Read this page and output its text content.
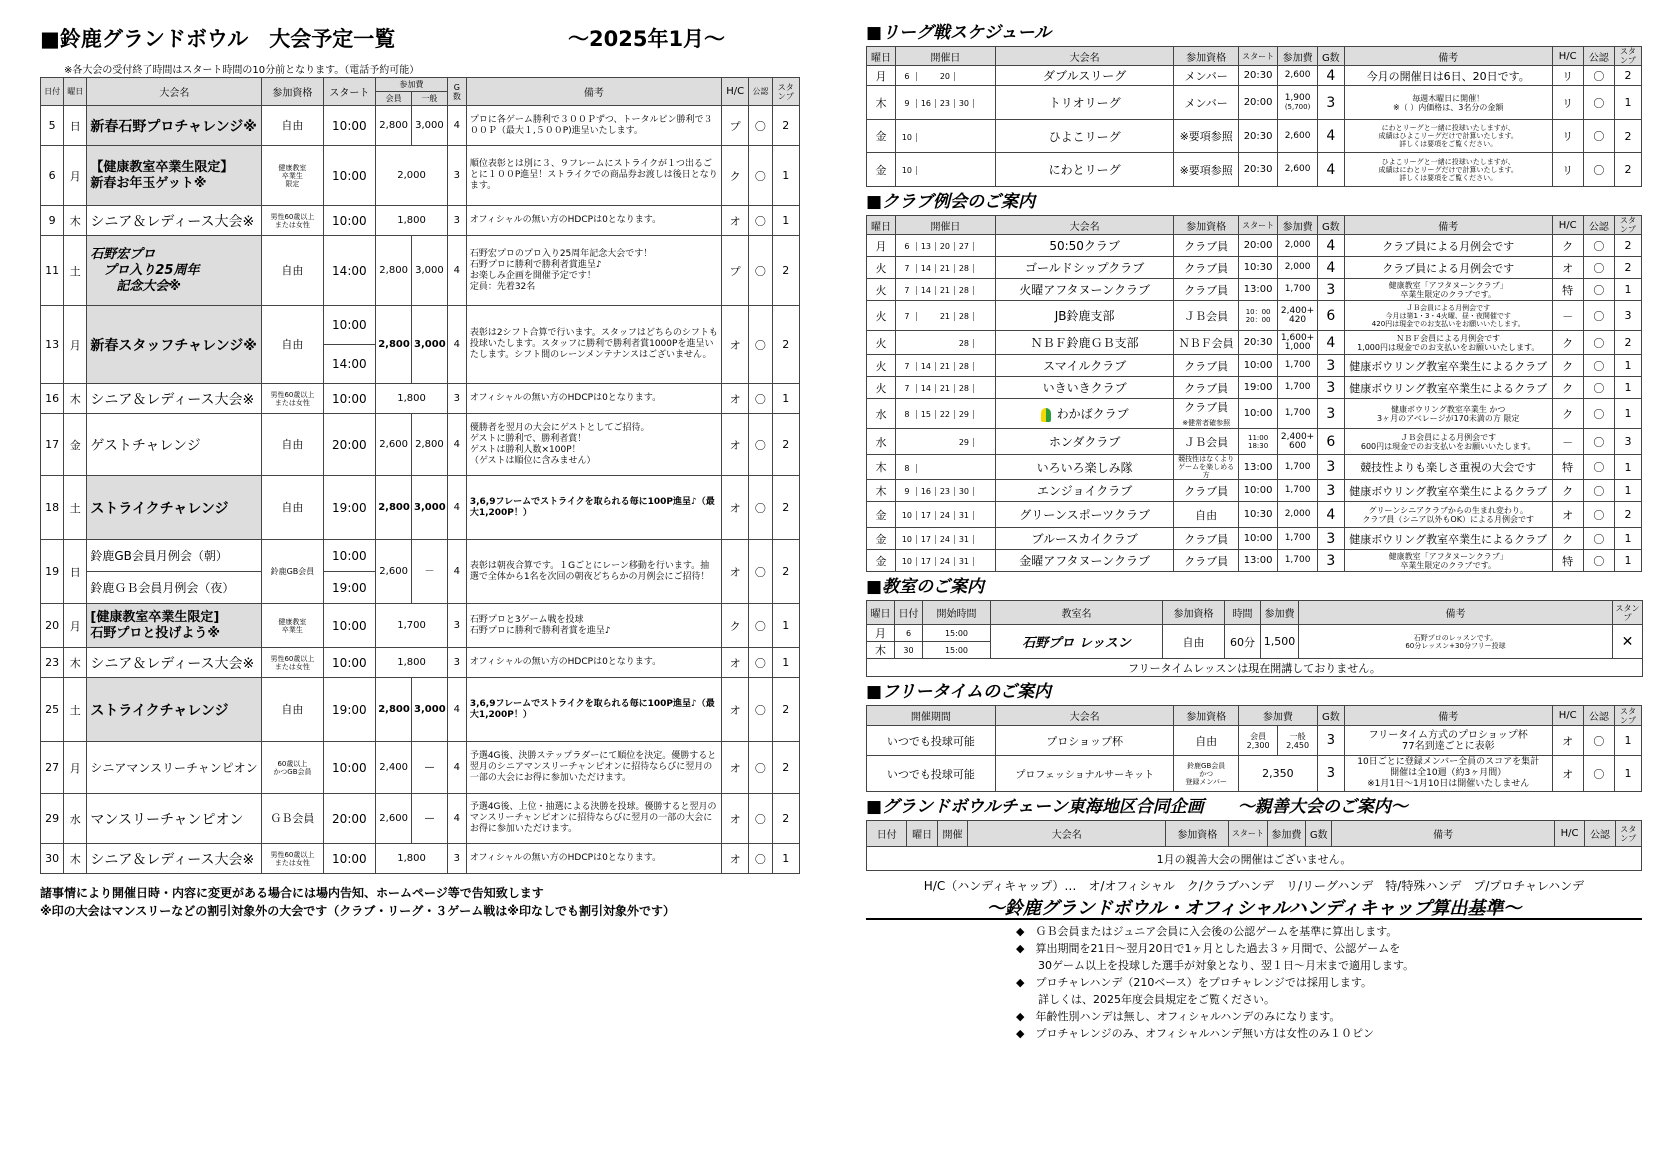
■鈴鹿グランドボウル　大会予定一覧	～2025年1月～
※各大会の受付終了時間はスタート時間の10分前となります。（電話予約可能）
日付	曜日	大会名	参加資格	スタート	参加費		G数	備考	H/C	公認	スタンプ
					会員	一般					
5	日	新春石野プロチャレンジ※	自由	10:00	2,800	3,000	4	プロに各ゲーム勝利で３００Ｐずつ、トータルピン勝利で３００Ｐ（最大１,５００P)進呈いたします。	プ	〇	2
6	月	【健康教室卒業生限定】
新春お年玉ゲット※	健康教室
卒業生
限定	10:00	2,000		3	順位表彰とは別に３、９フレームにストライクが１つ出るごとに１００P進呈！ストライクでの商品券お渡しは後日となります。	ク	〇	1
9	木	シニア＆レディース大会※	男性60歳以上
または女性	10:00	1,800		3	オフィシャルの無い方のHDCPは0となります。	オ	〇	1
11	土	石野宏プロ
　プロ入り25周年
　　記念大会※	自由	14:00	2,800	3,000	4	石野宏プロのプロ入り25周年記念大会です！
石野プロに勝利で勝利者賞進呈♪
お楽しみ企画を開催予定です！
定員：先着32名	プ	〇	2
13	月	新春スタッフチャレンジ※	自由	10:00	2,800	3,000	4	表彰は2シフト合算で行います。スタッフはどちらのシフトも投球いたします。スタッフに勝利で勝利者賞1000Pを進呈いたします。シフト間のレーンメンテナンスはございません。	オ	〇	2
				14:00							
16	木	シニア＆レディース大会※	男性60歳以上
または女性	10:00	1,800		3	オフィシャルの無い方のHDCPは0となります。	オ	〇	1
17	金	ゲストチャレンジ	自由	20:00	2,600	2,800	4	優勝者を翌月の大会にゲストとしてご招待。
ゲストに勝利で、勝利者賞！
ゲストは勝利人数×100P！
（ゲストは順位に含みません）	オ	〇	2
18	土	ストライクチャレンジ	自由	19:00	2,800	3,000	4	3,6,9フレームでストライクを取られる毎に100P進呈♪（最大1,200P！）	オ	〇	2
19	日	鈴鹿GB会員月例会（朝）	鈴鹿GB会員	10:00	2,600	－	4	表彰は朝夜合算です。１Gごとにレーン移動を行います。抽選で全体から1名を次回の朝夜どちらかの月例会にご招待！	オ	〇	2
		鈴鹿ＧＢ会員月例会（夜）		19:00							
20	月	[健康教室卒業生限定]
石野プロと投げよう※	健康教室
卒業生	10:00	1,700		3	石野プロと3ゲーム戦を投球
石野プロに勝利で勝利者賞を進呈♪	ク	〇	1
23	木	シニア＆レディース大会※	男性60歳以上
または女性	10:00	1,800		3	オフィシャルの無い方のHDCPは0となります。	オ	〇	1
25	土	ストライクチャレンジ	自由	19:00	2,800	3,000	4	3,6,9フレームでストライクを取られる毎に100P進呈♪（最大1,200P！）	オ	〇	2
27	月	シニアマンスリーチャンピオン	60歳以上
かつGB会員	10:00	2,400	—	4	予選4G後、決勝ステップラダーにて順位を決定。優勝すると翌月のシニアマンスリーチャンピオンに招待ならびに翌月の一部の大会にお得に参加いただけます。	オ	〇	2
29	水	マンスリーチャンピオン	ＧＢ会員	20:00	2,600	—	4	予選4G後、上位・抽選による決勝を投球。優勝すると翌月のマンスリーチャンピオンに招待ならびに翌月の一部の大会にお得に参加いただけます。	オ	〇	2
30	木	シニア＆レディース大会※	男性60歳以上
または女性	10:00	1,800		3	オフィシャルの無い方のHDCPは0となります。	オ	〇	1
諸事情により開催日時・内容に変更がある場合には場内告知、ホームページ等で告知致します
※印の大会はマンスリーなどの割引対象外の大会です（クラブ・リーグ・３ゲーム戦は※印なしでも割引対象外です）
■リーグ戦スケジュール
曜日	開催日	大会名	参加資格	スタート	参加費	G数	備考	H/C	公認	スタンプ
月	6 20	ダブルスリーグ	メンバー	20:30	2,600	4	今月の開催日は6日、20日です。	リ	〇	2
木	9 16 23 30	トリオリーグ	メンバー	20:00	1,900
(5,700)	3	毎週木曜日に開催！
※（ ）内価格は、3名分の金額	リ	〇	1
金	10	ひよこリーグ	※要項参照	20:30	2,600	4	にわとリーグと一緒に投球いたしますが、
成績はひよこリーグだけで計算いたします。
詳しくは要項をご覧ください。	リ	〇	2
金	10	にわとリーグ	※要項参照	20:30	2,600	4	ひよこリーグと一緒に投球いたしますが、
成績はにわとリーグだけで計算いたします。
詳しくは要項をご覧ください。	リ	〇	2
■クラブ例会のご案内
曜日	開催日	大会名	参加資格	スタート	参加費	G数	備考	H/C	公認	スタンプ
月	6 13 20 27	50:50クラブ	クラブ員	20:00	2,000	4	クラブ員による月例会です	ク	〇	2
火	7 14 21 28	ゴールドシップクラブ	クラブ員	10:30	2,000	4	クラブ員による月例会です	オ	〇	2
火	7 14 21 28	火曜アフタヌーンクラブ	クラブ員	13:00	1,700	3	健康教室「アフタヌーンクラブ」
卒業生限定のクラブです。	特	〇	1
火	7 21 28	JB鈴鹿支部	ＪＢ会員	10：00
20：00	2,400+
420	6	ＪＢ会員による月例会です
今月は第1・3・4火曜、昼・夜開催です
420円は現金でのお支払いをお願いいたします。	－	〇	3
火	28	ＮＢＦ鈴鹿ＧＢ支部	ＮＢＦ会員	20:30	1,600+
1,000	4	ＮＢＦ会員による月例会です
1,000円は現金でのお支払いをお願いいたします。	ク	〇	2
火	7 14 21 28	スマイルクラブ	クラブ員	10:00	1,700	3	健康ボウリング教室卒業生によるクラブ	ク	〇	1
火	7 14 21 28	いきいきクラブ	クラブ員	19:00	1,700	3	健康ボウリング教室卒業生によるクラブ	ク	〇	1
水	8 15 22 29	わかばクラブ	クラブ員
※健常者確参照	10:00	1,700	3	健康ボウリング教室卒業生 かつ
3ヶ月のアベレージが170未満の方 限定	ク	〇	1
水	29	ホンダクラブ	ＪＢ会員	11:00
18:30	2,400+
600	6	ＪＢ会員による月例会です
600円は現金でのお支払いをお願いいたします。	－	〇	3
木	8	いろいろ楽しみ隊	競技性はなくより
ゲームを楽しめる
方	13:00	1,700	3	競技性よりも楽しさ重視の大会です	特	〇	1
木	9 16 23 30	エンジョイクラブ	クラブ員	10:00	1,700	3	健康ボウリング教室卒業生によるクラブ	ク	〇	1
金	10 17 24 31	グリーンスポーツクラブ	自由	10:30	2,000	4	グリーンシニアクラブからの生まれ変わり。
クラブ員（シニア以外もOK）による月例会です	オ	〇	2
金	10 17 24 31	ブルースカイクラブ	クラブ員	10:00	1,700	3	健康ボウリング教室卒業生によるクラブ	ク	〇	1
金	10 17 24 31	金曜アフタヌーンクラブ	クラブ員	13:00	1,700	3	健康教室「アフタヌーンクラブ」
卒業生限定のクラブです。	特	〇	1
■教室のご案内
曜日	日付	開始時間	教室名	参加資格	時間	参加費	備考	スタンプ
月	6	15:00	石野プロ レッスン	自由	60分	1,500	石野プロのレッスンです。
60分レッスン+30分フリー投球	✕
木	30	15:00						
フリータイムレッスンは現在開講しておりません。								
■フリータイムのご案内
開催期間	大会名	参加資格	参加費		G数	備考	H/C	公認	スタンプ
いつでも投球可能	プロショップ杯	自由	会員
2,300	一般
2,450	3	フリータイム方式のプロショップ杯
77名到達ごとに表彰	オ	〇	1
いつでも投球可能	プロフェッショナルサーキット	鈴鹿GB会員
かつ
登録メンバー	2,350		3	10日ごとに登録メンバー全員のスコアを集計
開催は全10週（約3ヶ月間）
※1月1日～1月10日は開催いたしません	オ	〇	1
■グランドボウルチェーン東海地区合同企画　　～親善大会のご案内～
日付	曜日	開催	大会名	参加資格	スタート	参加費	G数	備考	H/C	公認	スタンプ
1月の親善大会の開催はございません。
H/C（ハンディキャップ）…　オ/オフィシャル　ク/クラブハンデ　リ/リーグハンデ　特/特殊ハンデ　プ/プロチャレハンデ
～鈴鹿グランドボウル・オフィシャルハンディキャップ算出基準～
◆　ＧＢ会員またはジュニア会員に入会後の公認ゲームを基準に算出します。
◆　算出期間を21日～翌月20日で1ヶ月とした過去３ヶ月間で、公認ゲームを
　　30ゲーム以上を投球した選手が対象となり、翌１日～月末まで適用します。
◆　プロチャレハンデ（210ベース）をプロチャレンジでは採用します。
　　詳しくは、2025年度会員規定をご覧ください。
◆　年齢性別ハンデは無し、オフィシャルハンデのみになります。
◆　プロチャレンジのみ、オフィシャルハンデ無い方は女性のみ１０ピン
